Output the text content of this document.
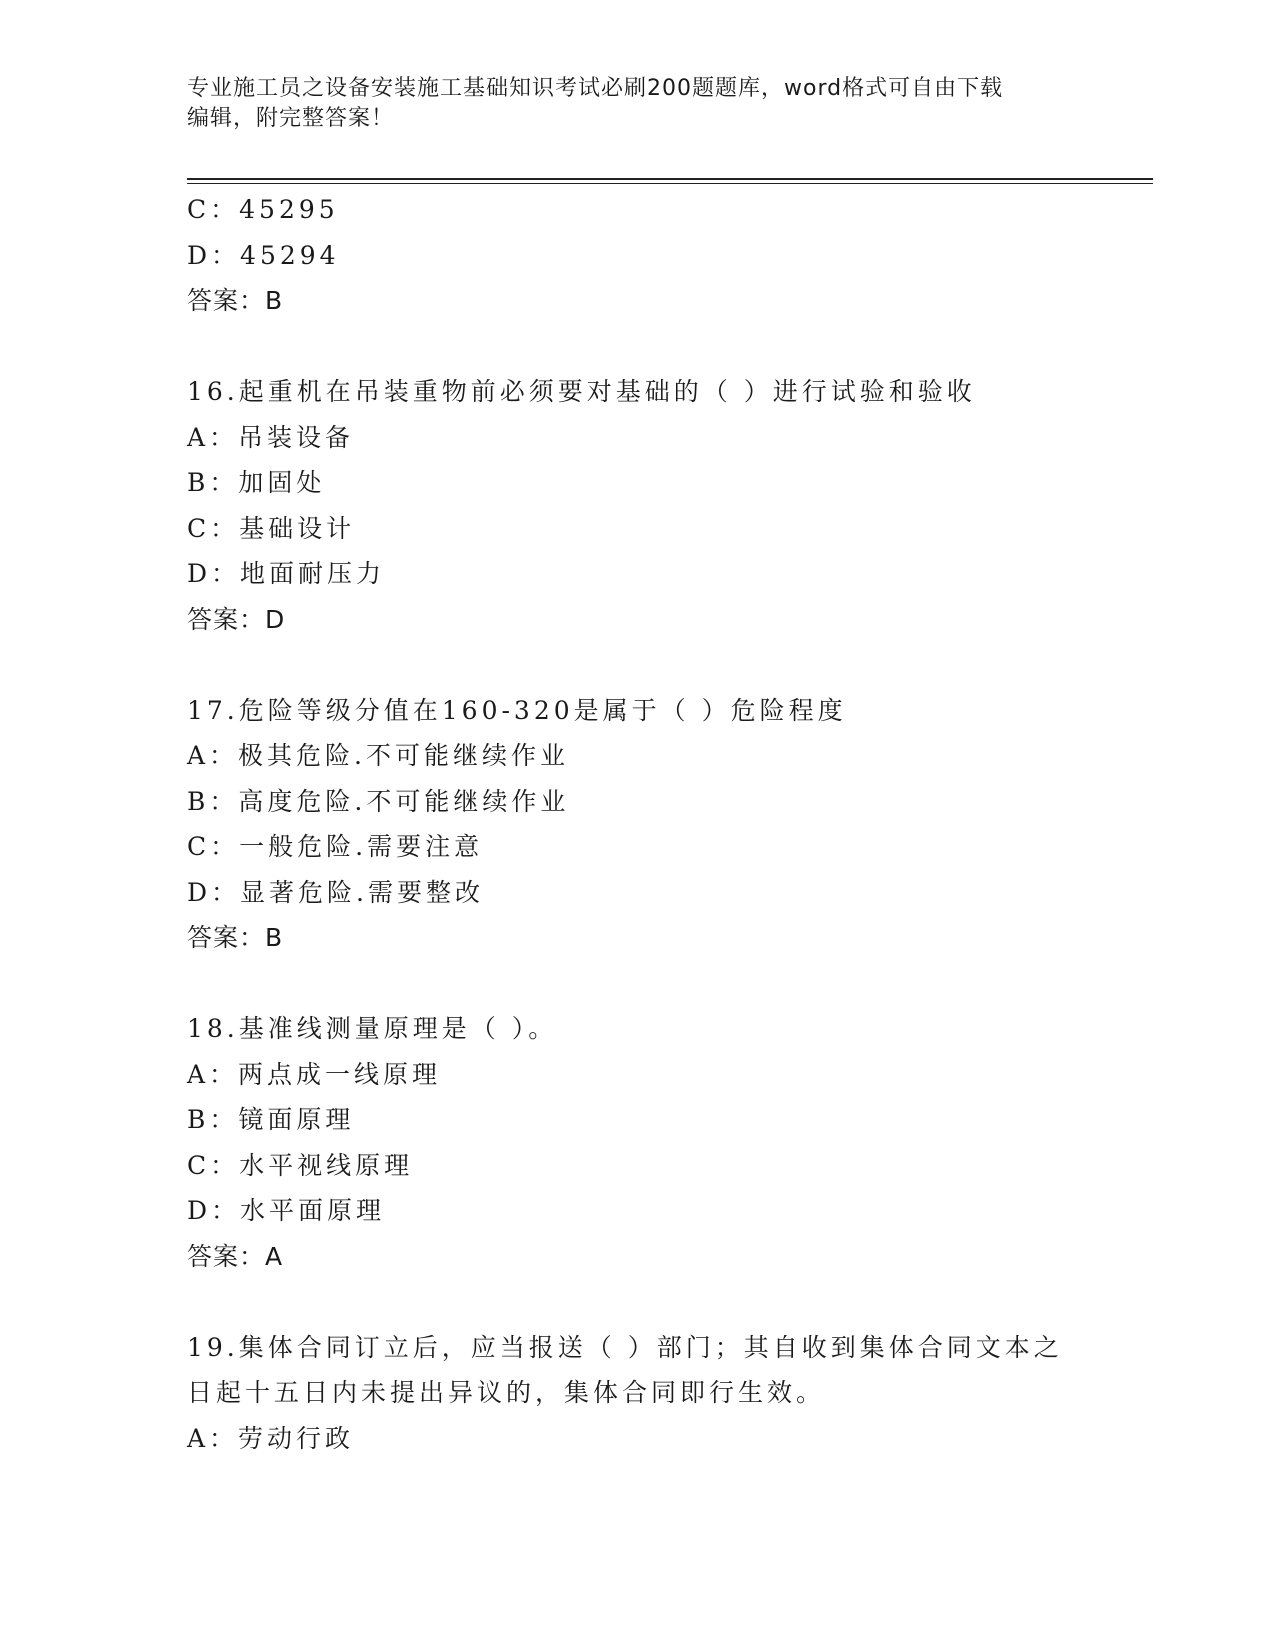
专业施工员之设备安装施工基础知识考试必刷200题题库，word格式可自由下载
编辑，附完整答案！
C：45295
D：45294
答案：B
16.起重机在吊装重物前必须要对基础的（ ）进行试验和验收
A：吊装设备
B：加固处
C：基础设计
D：地面耐压力
答案：D
17.危险等级分值在160-320是属于（ ）危险程度
A：极其危险.不可能继续作业
B：高度危险.不可能继续作业
C：一般危险.需要注意
D：显著危险.需要整改
答案：B
18.基准线测量原理是（ ）。
A：两点成一线原理
B：镜面原理
C：水平视线原理
D：水平面原理
答案：A
19.集体合同订立后，应当报送（ ）部门；其自收到集体合同文本之
日起十五日内未提出异议的，集体合同即行生效。
A：劳动行政
